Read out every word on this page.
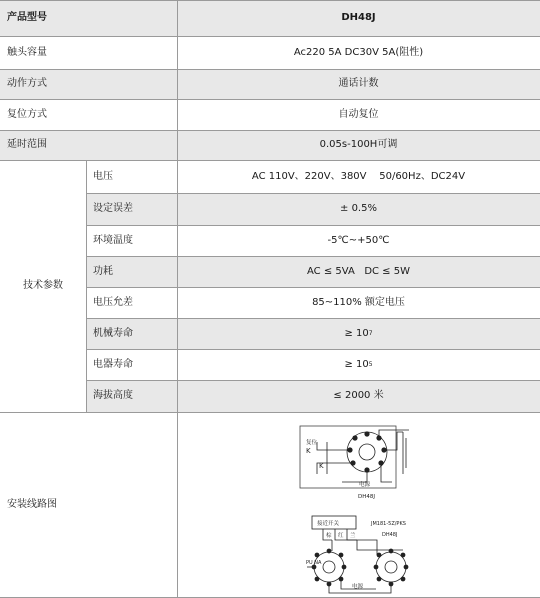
产品型号	DH48J
触头容量	Ac220 5A DC30V 5A(阻性)
动作方式	通话计数
复位方式	自动复位
延时范围	0.05s-100H可调
技术参数
电压	AC 110V、220V、380V    50/60Hz、DC24V
设定误差	± 0.5%
环境温度	-5℃~+50℃
功耗	AC ≤ 5VA   DC ≤ 5W
电压允差	85~110% 额定电压
机械寿命	≥ 10 7
电器寿命	≥ 10 5
海拔高度	≤ 2000 米
安装线路图
复位
K
K
电源
DH48J
接近开关	JM181-5Z/PKS
DH48J
棕 红 兰
PU NA
电源
